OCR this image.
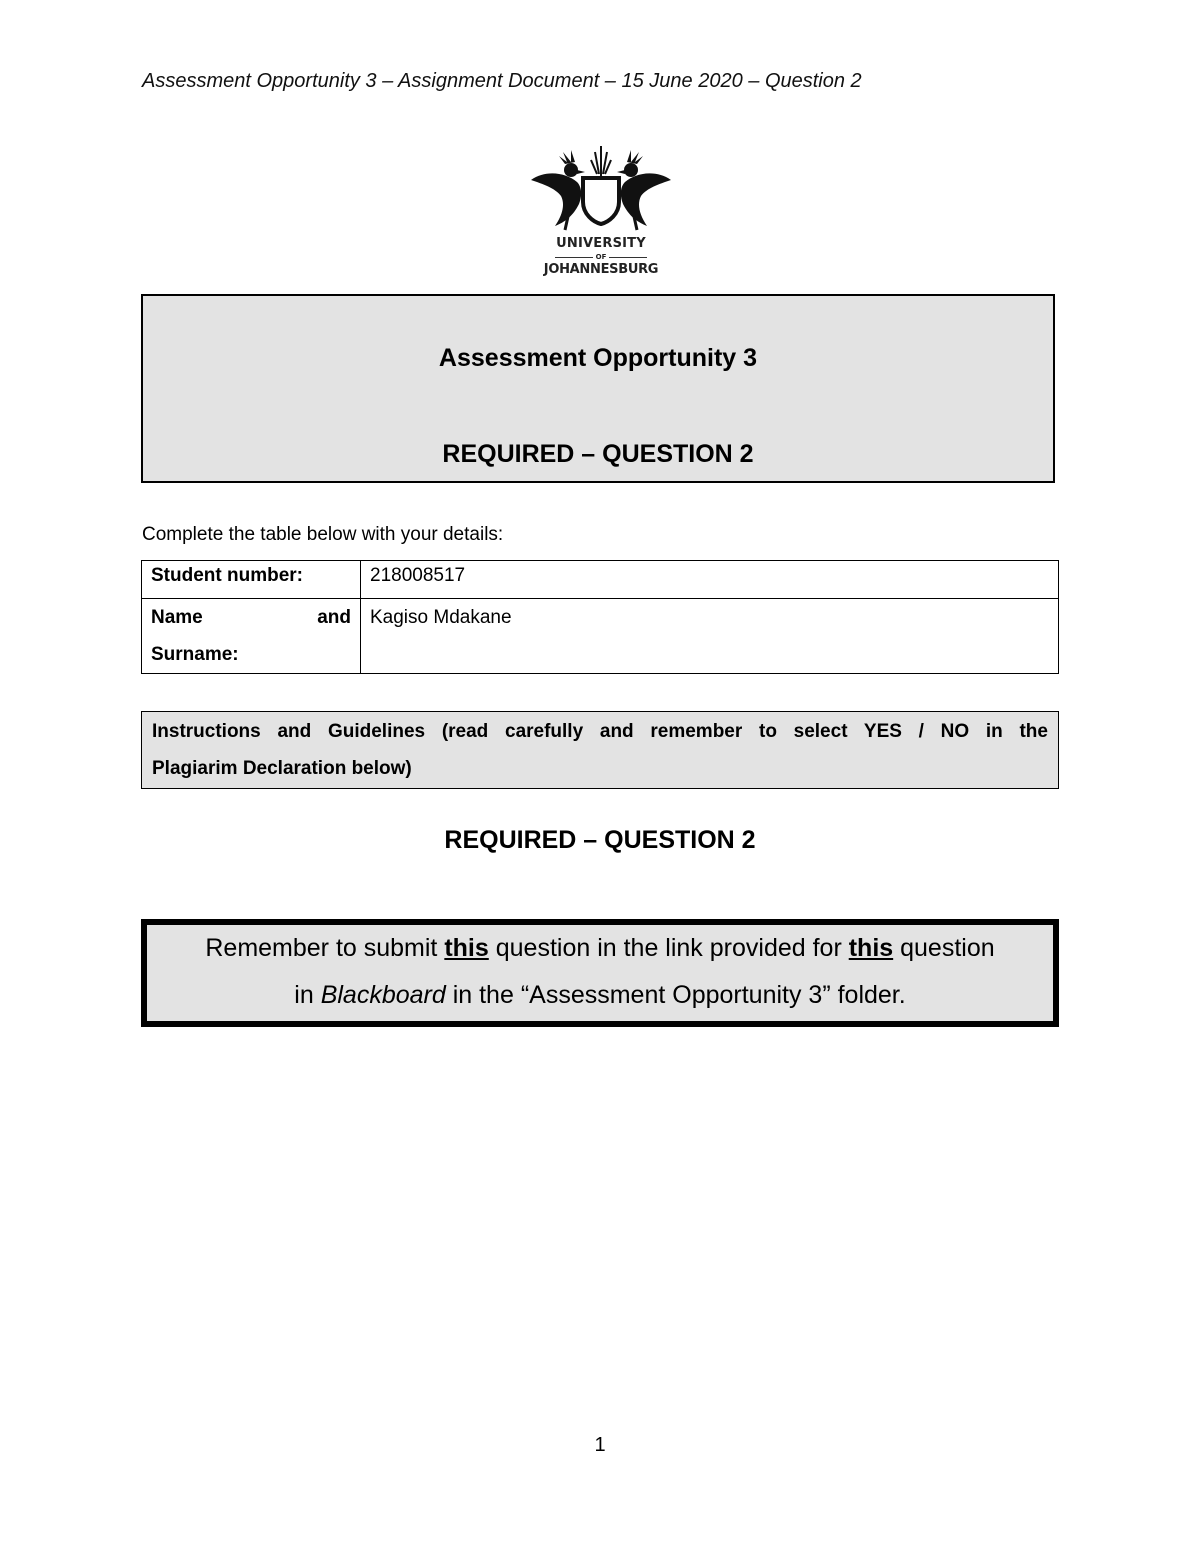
Assessment Opportunity 3 – Assignment Document – 15 June 2020 – Question 2
UNIVERSITY
OF
JOHANNESBURG
Assessment Opportunity 3
REQUIRED – QUESTION 2
Complete the table below with your details:
Student number:	218008517

Name and
Surname:	Kagiso Mdakane
Instructions and Guidelines (read carefully and remember to select YES / NO in the
Plagiarim Declaration below)
REQUIRED – QUESTION 2
Remember to submit this question in the link provided for this question
in Blackboard in the “Assessment Opportunity 3” folder.
1
